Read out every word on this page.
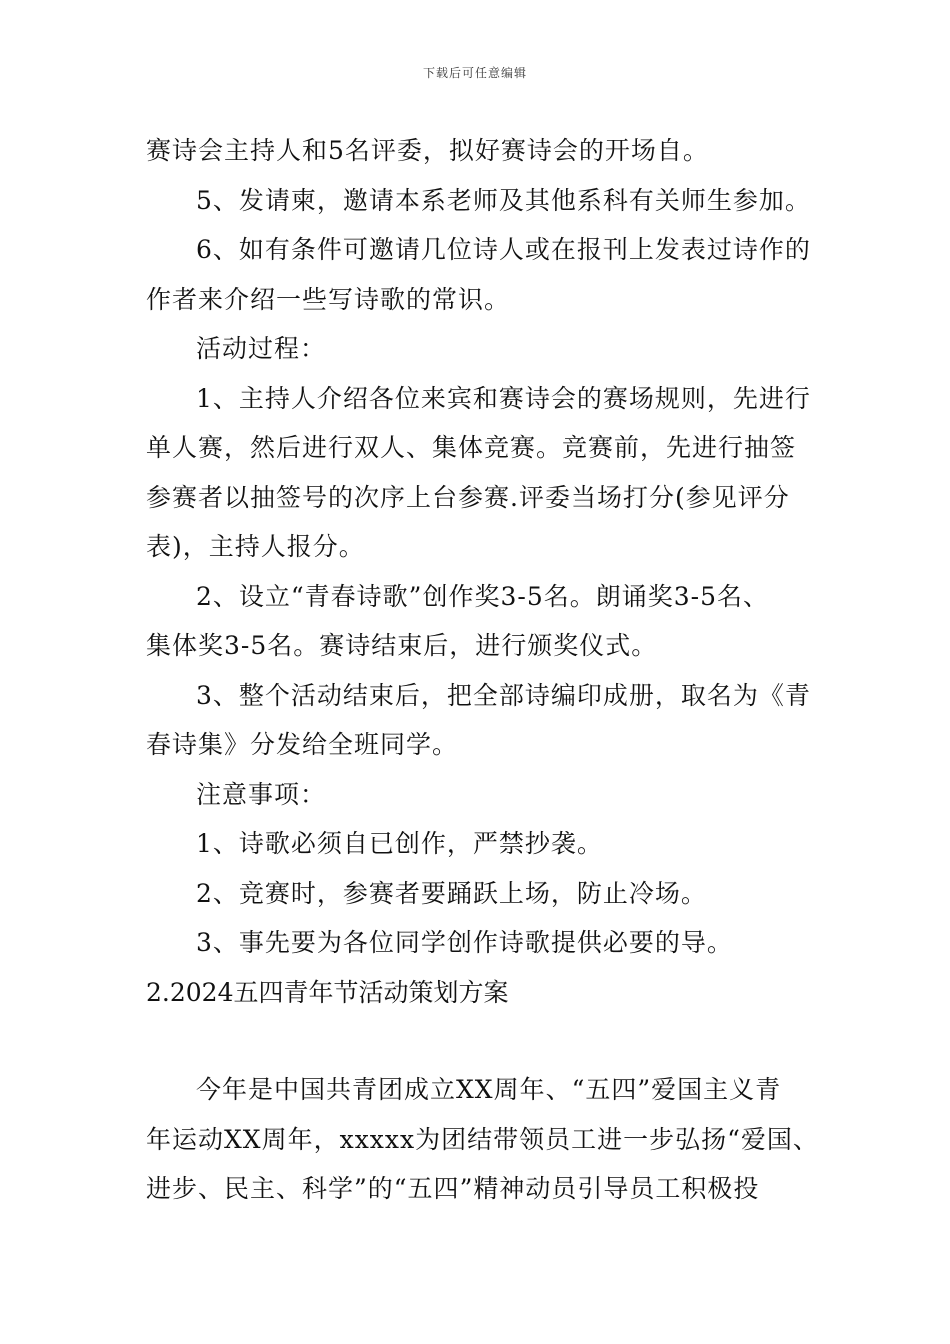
下载后可任意编辑
赛诗会主持人和5名评委，拟好赛诗会的开场自。
5、发请柬，邀请本系老师及其他系科有关师生参加。
6、如有条件可邀请几位诗人或在报刊上发表过诗作的
作者来介绍一些写诗歌的常识。
活动过程：
1、主持人介绍各位来宾和赛诗会的赛场规则，先进行
单人赛，然后进行双人、集体竞赛。竞赛前，先进行抽签
参赛者以抽签号的次序上台参赛.评委当场打分(参见评分
表)，主持人报分。
2、设立“青春诗歌”创作奖3-5名。朗诵奖3-5名、
集体奖3-5名。赛诗结束后，进行颁奖仪式。
3、整个活动结束后，把全部诗编印成册，取名为《青
春诗集》分发给全班同学。
注意事项：
1、诗歌必须自已创作，严禁抄袭。
2、竞赛时，参赛者要踊跃上场，防止冷场。
3、事先要为各位同学创作诗歌提供必要的导。
2.2024五四青年节活动策划方案
今年是中国共青团成立XX周年、“五四”爱国主义青
年运动XX周年，xxxxx为团结带领员工进一步弘扬“爱国、
进步、民主、科学”的“五四”精神动员引导员工积极投
